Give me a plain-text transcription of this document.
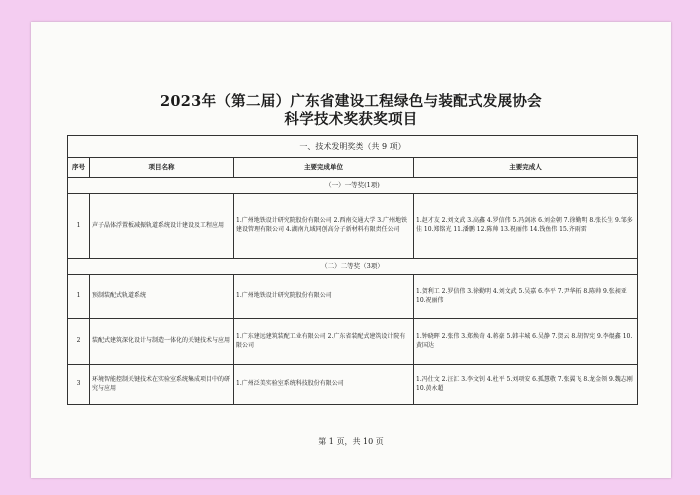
2023年（第二届）广东省建设工程绿色与装配式发展协会
科学技术奖获奖项目
一、技术发明奖类（共 9 项）			
序号	项目名称	主要完成单位	主要完成人
（一）一等奖(1项)			
1	声子晶体浮置板减振轨道系统设计建设及工程应用	1.广州地铁设计研究院股份有限公司 2.西南交通大学 3.广州地铁建设管理有限公司 4.湖南九域同创高分子新材料有限责任公司	1.赵才友 2.刘文武 3.高鑫 4.罗信伟 5.冯剑冰 6.刘金朝 7.徐勤明 8.张长生 9.邹多佳 10.郑铭光 11.潘鹏 12.陈帅 13.祝丽伟 14.钱鱼伟 15.齐雨雷
（二）二等奖（3项）			
1	预制装配式轨道系统	1.广州地铁设计研究院股份有限公司	1.贺利工 2.罗信伟 3.徐勤明 4.刘文武 5.吴嘉 6.李平 7.尹华拓 8.陈帅 9.张昶亚 10.祝丽伟
2	装配式建筑深化设计与制造一体化的关键技术与应用	1.广东建远建筑装配工业有限公司 2.广东省装配式建筑设计院有限公司	1.钟晓晖 2.张伟 3.郑焕奇 4.蒋豪 5.韩丰城 6.吴静 7.贺云 8.胡智宪 9.李焜鑫 10.黄国达
3	环境智能控制关键技术在实验室系统集成项目中的研究与应用	1.广州泛美实验室系统科技股份有限公司	1.冯仕文 2.汪汇 3.李文钊 4.杜平 5.刘项安 6.孤慧敬 7.张翼飞 8.龙金领 9.魏志刚 10.黄永超
第 1 页，共 10 页
